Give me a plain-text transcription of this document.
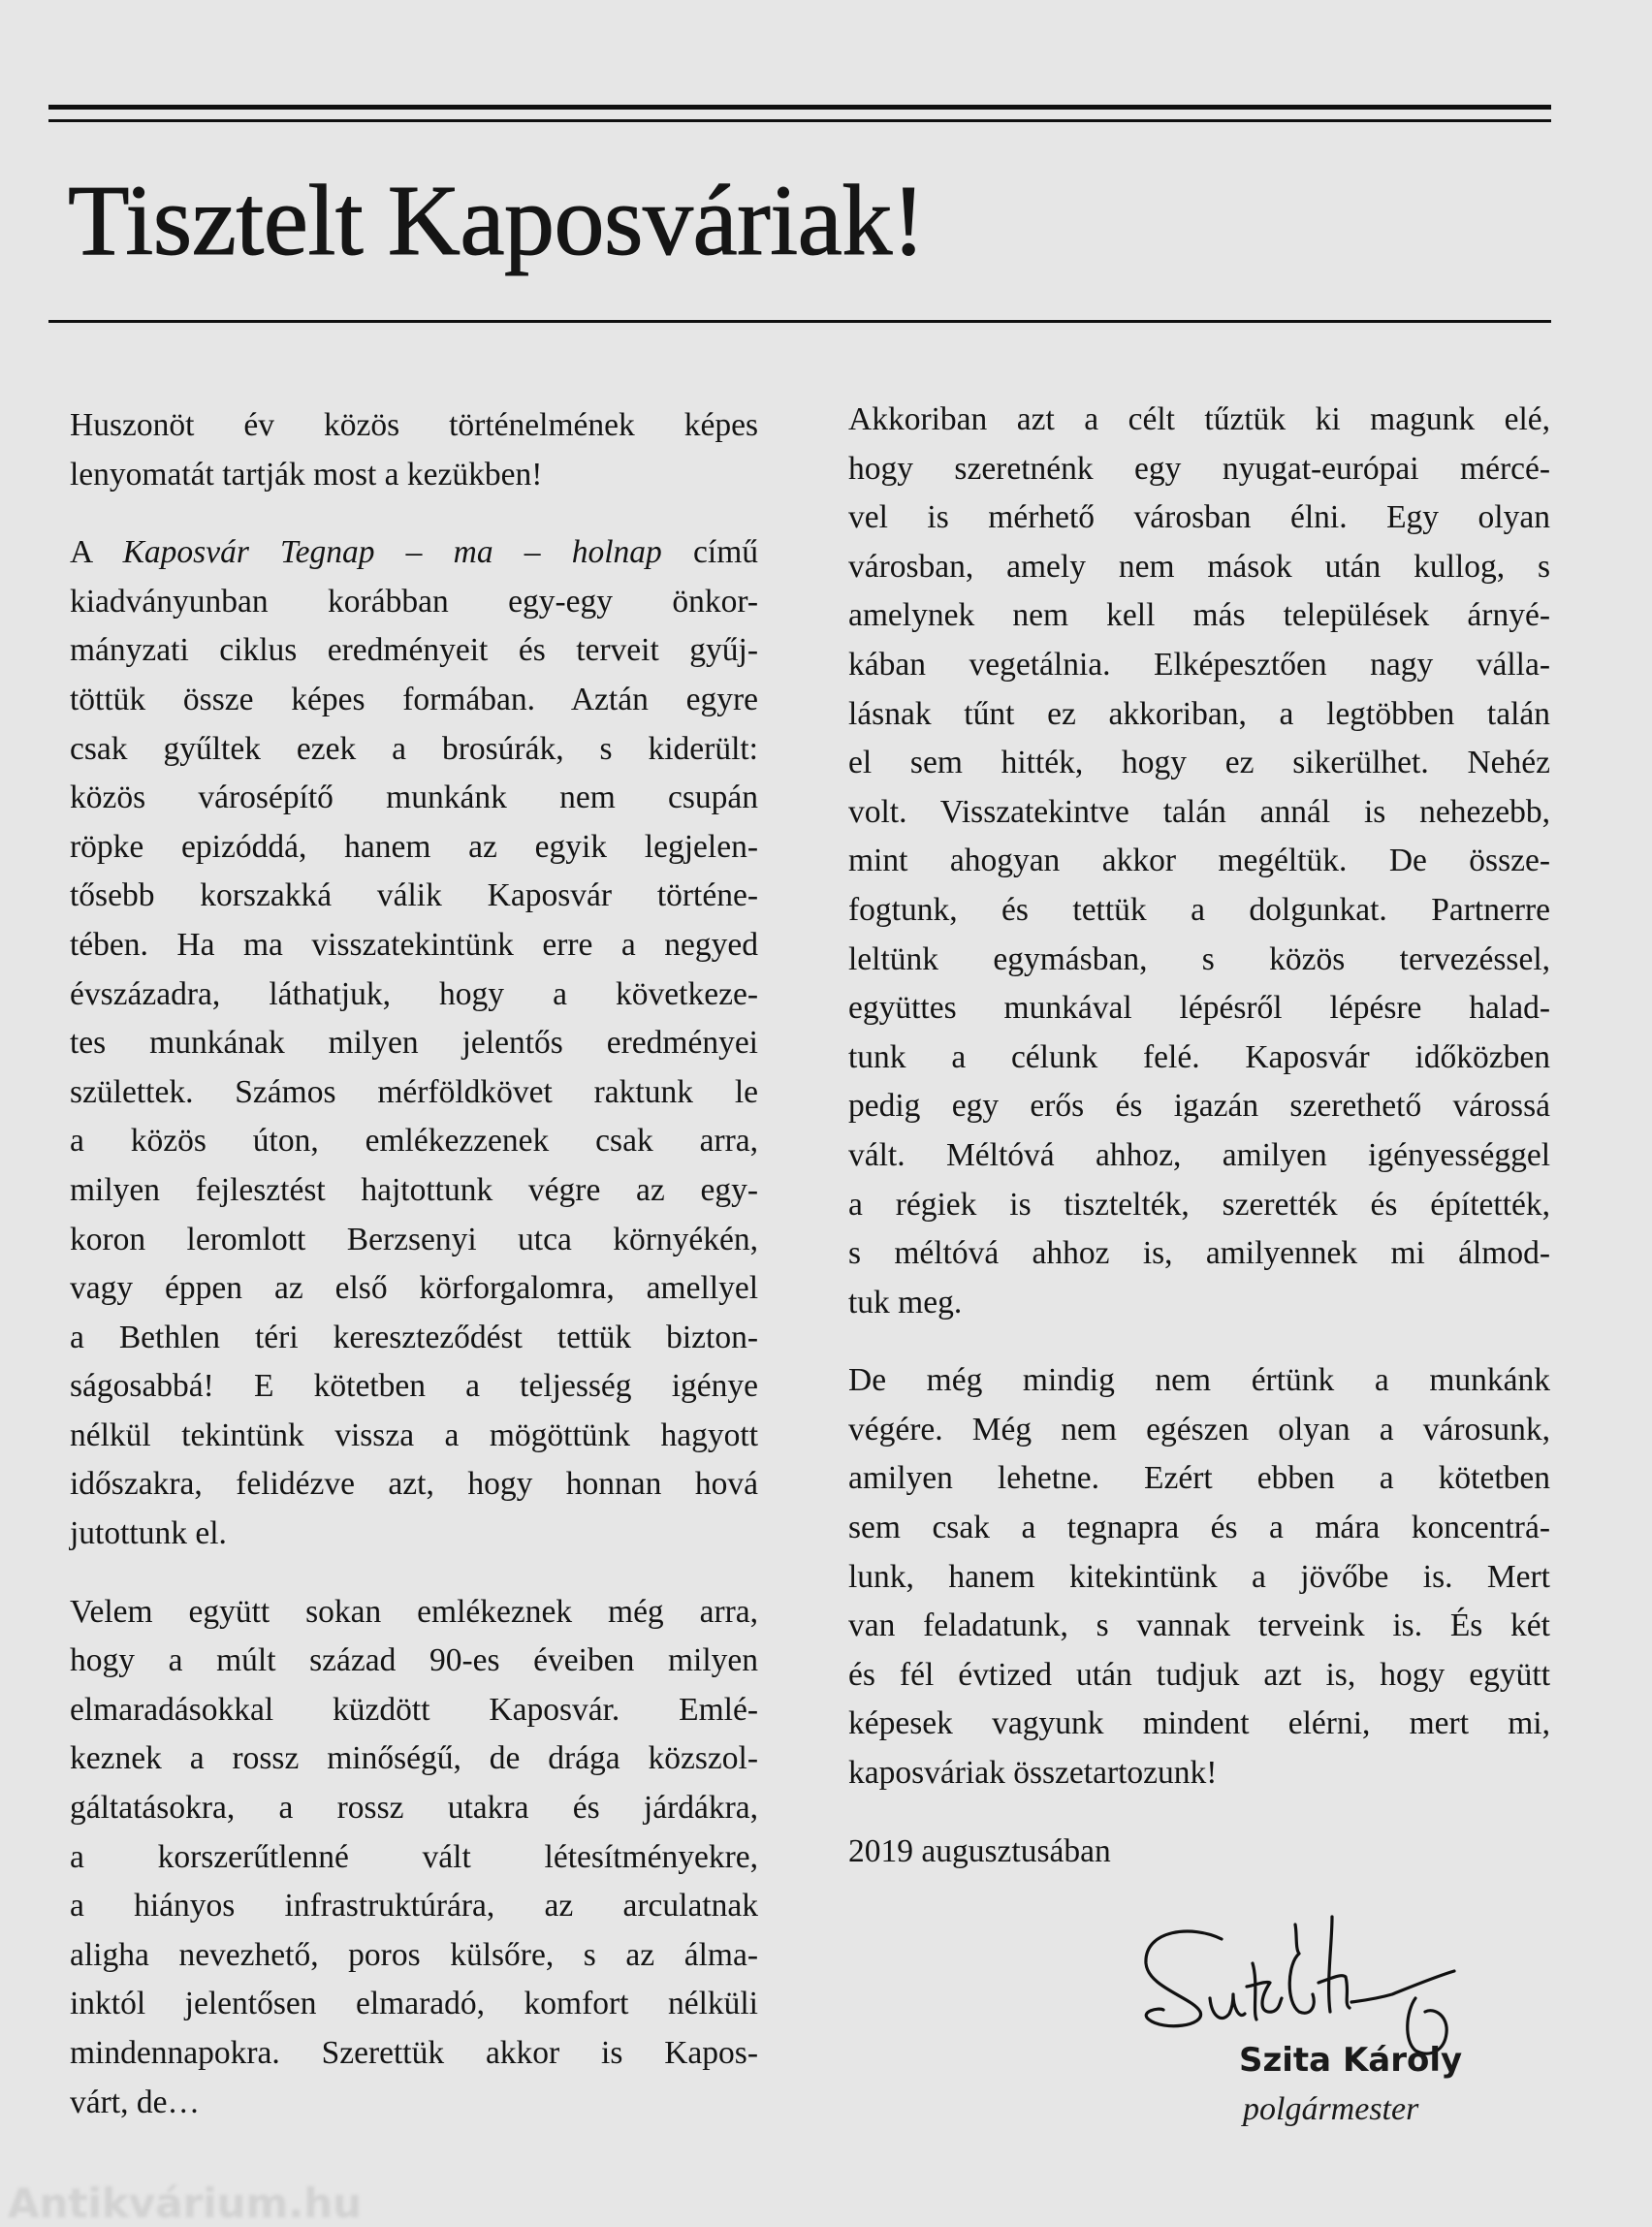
Tisztelt Kaposváriak!
Huszonöt év közös történelmének képes
lenyomatát tartják most a kezükben!
A Kaposvár Tegnap – ma – holnap című
kiadványunban korábban egy-egy önkor-
mányzati ciklus eredményeit és terveit gyűj-
töttük össze képes formában. Aztán egyre
csak gyűltek ezek a brosúrák, s kiderült:
közös városépítő munkánk nem csupán
röpke epizóddá, hanem az egyik legjelen-
tősebb korszakká válik Kaposvár történe-
tében. Ha ma visszatekintünk erre a negyed
évszázadra, láthatjuk, hogy a következe-
tes munkának milyen jelentős eredményei
születtek. Számos mérföldkövet raktunk le
a közös úton, emlékezzenek csak arra,
milyen fejlesztést hajtottunk végre az egy-
koron leromlott Berzsenyi utca környékén,
vagy éppen az első körforgalomra, amellyel
a Bethlen téri kereszteződést tettük bizton-
ságosabbá! E kötetben a teljesség igénye
nélkül tekintünk vissza a mögöttünk hagyott
időszakra, felidézve azt, hogy honnan hová
jutottunk el.
Velem együtt sokan emlékeznek még arra,
hogy a múlt század 90-es éveiben milyen
elmaradásokkal küzdött Kaposvár. Emlé-
keznek a rossz minőségű, de drága közszol-
gáltatásokra, a rossz utakra és járdákra,
a korszerűtlenné vált létesítményekre,
a hiányos infrastruktúrára, az arculatnak
aligha nevezhető, poros külsőre, s az álma-
inktól jelentősen elmaradó, komfort nélküli
mindennapokra. Szerettük akkor is Kapos-
várt, de…
Akkoriban azt a célt tűztük ki magunk elé,
hogy szeretnénk egy nyugat-európai mércé-
vel is mérhető városban élni. Egy olyan
városban, amely nem mások után kullog, s
amelynek nem kell más települések árnyé-
kában vegetálnia. Elképesztően nagy válla-
lásnak tűnt ez akkoriban, a legtöbben talán
el sem hitték, hogy ez sikerülhet. Nehéz
volt. Visszatekintve talán annál is nehezebb,
mint ahogyan akkor megéltük. De össze-
fogtunk, és tettük a dolgunkat. Partnerre
leltünk egymásban, s közös tervezéssel,
együttes munkával lépésről lépésre halad-
tunk a célunk felé. Kaposvár időközben
pedig egy erős és igazán szerethető várossá
vált. Méltóvá ahhoz, amilyen igényességgel
a régiek is tisztelték, szerették és építették,
s méltóvá ahhoz is, amilyennek mi álmod-
tuk meg.
De még mindig nem értünk a munkánk
végére. Még nem egészen olyan a városunk,
amilyen lehetne. Ezért ebben a kötetben
sem csak a tegnapra és a mára koncentrá-
lunk, hanem kitekintünk a jövőbe is. Mert
van feladatunk, s vannak terveink is. És két
és fél évtized után tudjuk azt is, hogy együtt
képesek vagyunk mindent elérni, mert mi,
kaposváriak összetartozunk!

2019 augusztusában

Szita Károly
polgármester
Antikvárium.hu
